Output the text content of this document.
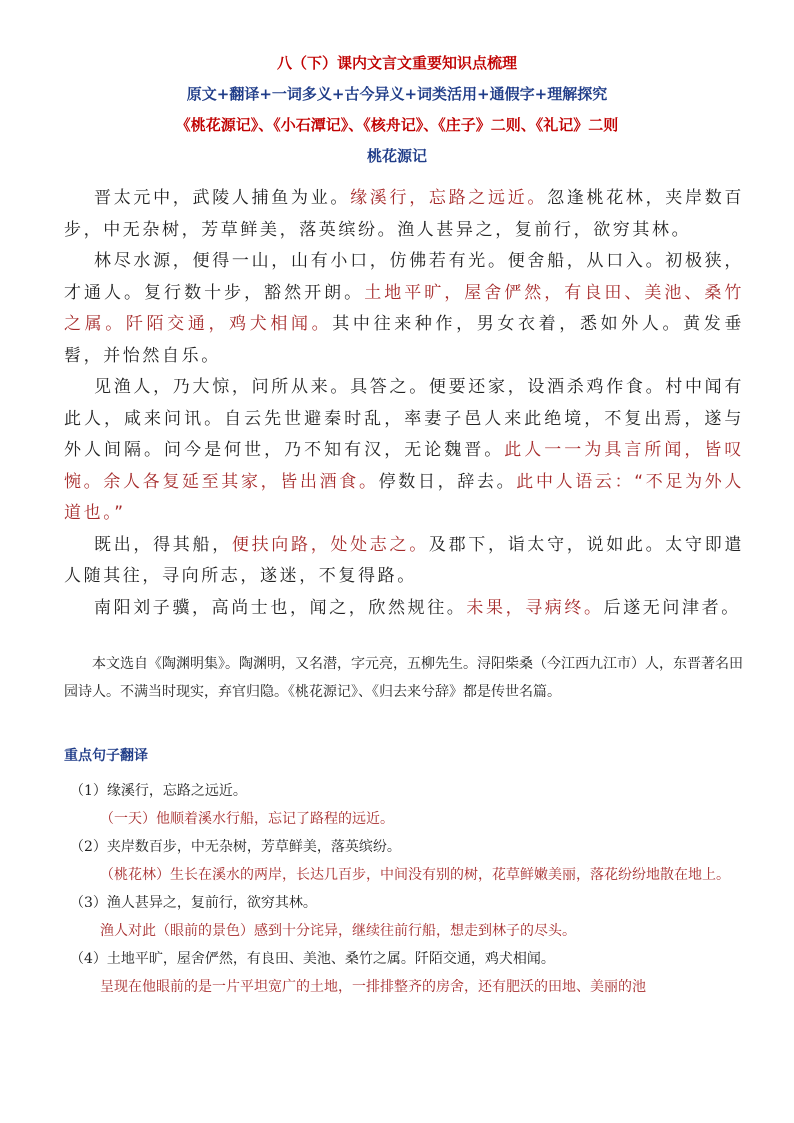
八（下）课内文言文重要知识点梳理
原文+翻译+一词多义+古今异义+词类活用+通假字+理解探究
《桃花源记》、《小石潭记》、《核舟记》、《庄子》二则、《礼记》二则
桃花源记

晋太元中，武陵人捕鱼为业。缘溪行，忘路之远近。忽逢桃花林，夹岸数百步，中无杂树，芳草鲜美，落英缤纷。渔人甚异之，复前行，欲穷其林。

林尽水源，便得一山，山有小口，仿佛若有光。便舍船，从口入。初极狭，才通人。复行数十步，豁然开朗。土地平旷，屋舍俨然，有良田、美池、桑竹之属。阡陌交通，鸡犬相闻。其中往来种作，男女衣着，悉如外人。黄发垂髫，并怡然自乐。

见渔人，乃大惊，问所从来。具答之。便要还家，设酒杀鸡作食。村中闻有此人，咸来问讯。自云先世避秦时乱，率妻子邑人来此绝境，不复出焉，遂与外人间隔。问今是何世，乃不知有汉，无论魏晋。此人一一为具言所闻，皆叹惋。余人各复延至其家，皆出酒食。停数日，辞去。此中人语云：“不足为外人道也。”

既出，得其船，便扶向路，处处志之。及郡下，诣太守，说如此。太守即遣人随其往，寻向所志，遂迷，不复得路。

南阳刘子骥，高尚士也，闻之，欣然规往。未果，寻病终。后遂无问津者。

本文选自《陶渊明集》。陶渊明，又名潜，字元亮，五柳先生。浔阳柴桑（今江西九江市）人，东晋著名田园诗人。不满当时现实，弃官归隐。《桃花源记》、《归去来兮辞》都是传世名篇。
重点句子翻译

（1）缘溪行，忘路之远近。

（一天）他顺着溪水行船，忘记了路程的远近。

（2）夹岸数百步，中无杂树，芳草鲜美，落英缤纷。

（桃花林）生长在溪水的两岸，长达几百步，中间没有别的树，花草鲜嫩美丽，落花纷纷地散在地上。

（3）渔人甚异之，复前行，欲穷其林。

渔人对此（眼前的景色）感到十分诧异，继续往前行船，想走到林子的尽头。

（4）土地平旷，屋舍俨然，有良田、美池、桑竹之属。阡陌交通，鸡犬相闻。

呈现在他眼前的是一片平坦宽广的土地，一排排整齐的房舍，还有肥沃的田地、美丽的池
